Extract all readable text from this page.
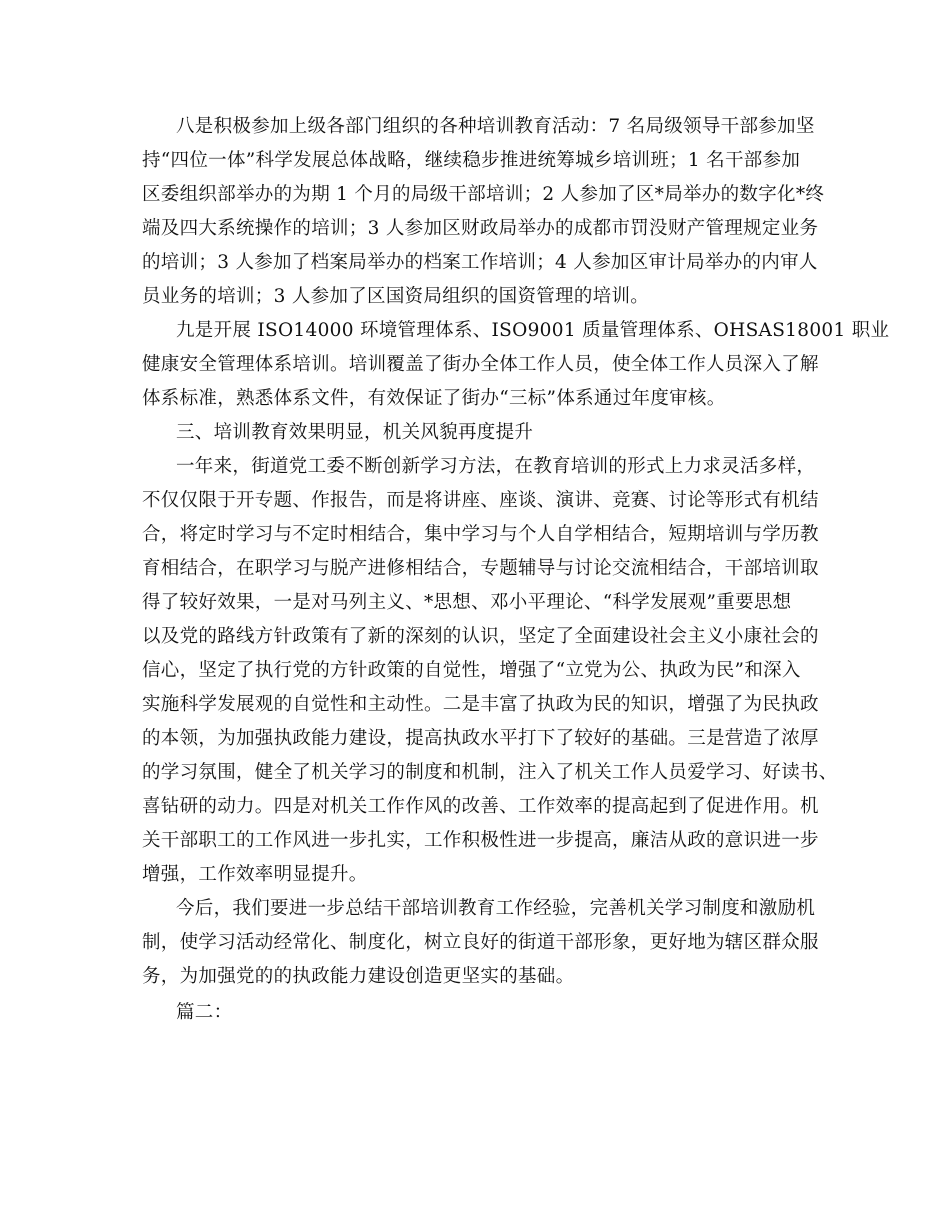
八是积极参加上级各部门组织的各种培训教育活动：7 名局级领导干部参加坚
持“四位一体”科学发展总体战略，继续稳步推进统筹城乡培训班；1 名干部参加
区委组织部举办的为期 1 个月的局级干部培训；2 人参加了区*局举办的数字化*终
端及四大系统操作的培训；3 人参加区财政局举办的成都市罚没财产管理规定业务
的培训；3 人参加了档案局举办的档案工作培训；4 人参加区审计局举办的内审人
员业务的培训；3 人参加了区国资局组织的国资管理的培训。
九是开展 ISO14000 环境管理体系、ISO9001 质量管理体系、OHSAS18001 职业
健康安全管理体系培训。培训覆盖了街办全体工作人员，使全体工作人员深入了解
体系标准，熟悉体系文件，有效保证了街办“三标”体系通过年度审核。
三、培训教育效果明显，机关风貌再度提升
一年来，街道党工委不断创新学习方法，在教育培训的形式上力求灵活多样，
不仅仅限于开专题、作报告，而是将讲座、座谈、演讲、竞赛、讨论等形式有机结
合，将定时学习与不定时相结合，集中学习与个人自学相结合，短期培训与学历教
育相结合，在职学习与脱产进修相结合，专题辅导与讨论交流相结合，干部培训取
得了较好效果，一是对马列主义、*思想、邓小平理论、“科学发展观”重要思想
以及党的路线方针政策有了新的深刻的认识，坚定了全面建设社会主义小康社会的
信心，坚定了执行党的方针政策的自觉性，增强了“立党为公、执政为民”和深入
实施科学发展观的自觉性和主动性。二是丰富了执政为民的知识，增强了为民执政
的本领，为加强执政能力建设，提高执政水平打下了较好的基础。三是营造了浓厚
的学习氛围，健全了机关学习的制度和机制，注入了机关工作人员爱学习、好读书、
喜钻研的动力。四是对机关工作作风的改善、工作效率的提高起到了促进作用。机
关干部职工的工作风进一步扎实，工作积极性进一步提高，廉洁从政的意识进一步
增强，工作效率明显提升。
今后，我们要进一步总结干部培训教育工作经验，完善机关学习制度和激励机
制，使学习活动经常化、制度化，树立良好的街道干部形象，更好地为辖区群众服
务，为加强党的的执政能力建设创造更坚实的基础。
篇二：
